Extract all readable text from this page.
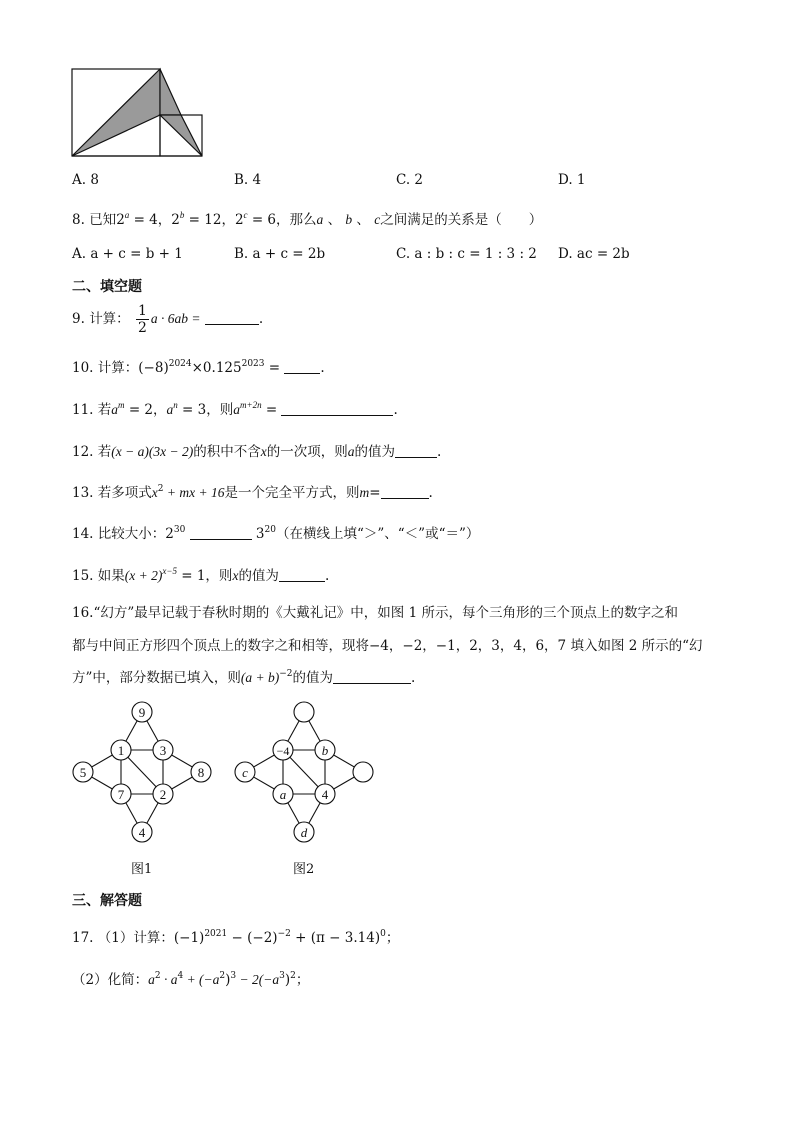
A. 8	B. 4	C. 2	D. 1
8. 已知$2^a = 4$，$2^b = 12$，$2^c = 6$，那么a 、 b 、 c之间满足的关系是（　　）
A. a + c = b + 1	B. a + c = 2b	C. a : b : c = 1 : 3 : 2 D. ac = 2b
二、填空题
9. 计算： $\frac{1}{2}$ a · 6ab =	.
10. 计算：$(-8)^{2024}\times 0.125^{2023}$ =	.
11. 若$a^m = 2$，$a^n = 3$，则$a^{m+2n}$ =	.
12. 若(x − a)(3x − 2)的积中不含x的一次项，则a的值为	.
13. 若多项式$x^2$ + mx + 16是一个完全平方式，则m=	.
14. 比较大小：$2^{30}$	$3^{20}$（在横线上填“＞”、“＜”或“＝”）
15. 如果$(x + 2)^{x-5} = 1$，则x的值为	.
16.“幻方”最早记载于春秋时期的《大戴礼记》中，如图 1 所示，每个三角形的三个顶点上的数字之和
都与中间正方形四个顶点上的数字之和相等，现将−4，−2，−1，2，3，4，6，7 填入如图 2 所示的“幻
方”中，部分数据已填入，则$(a + b)^{-2}$的值为	.
9
1	3
5	8
7	2
4
图1
−4 b
c
a	4
d
图2
三、解答题
17. （1）计算：$(-1)^{2021} - (-2)^{-2} + (\pi - 3.14)^0$；
（2）化简：$a^2 \cdot a^4 + (-a^2)^3 - 2(-a^3)^2$；
